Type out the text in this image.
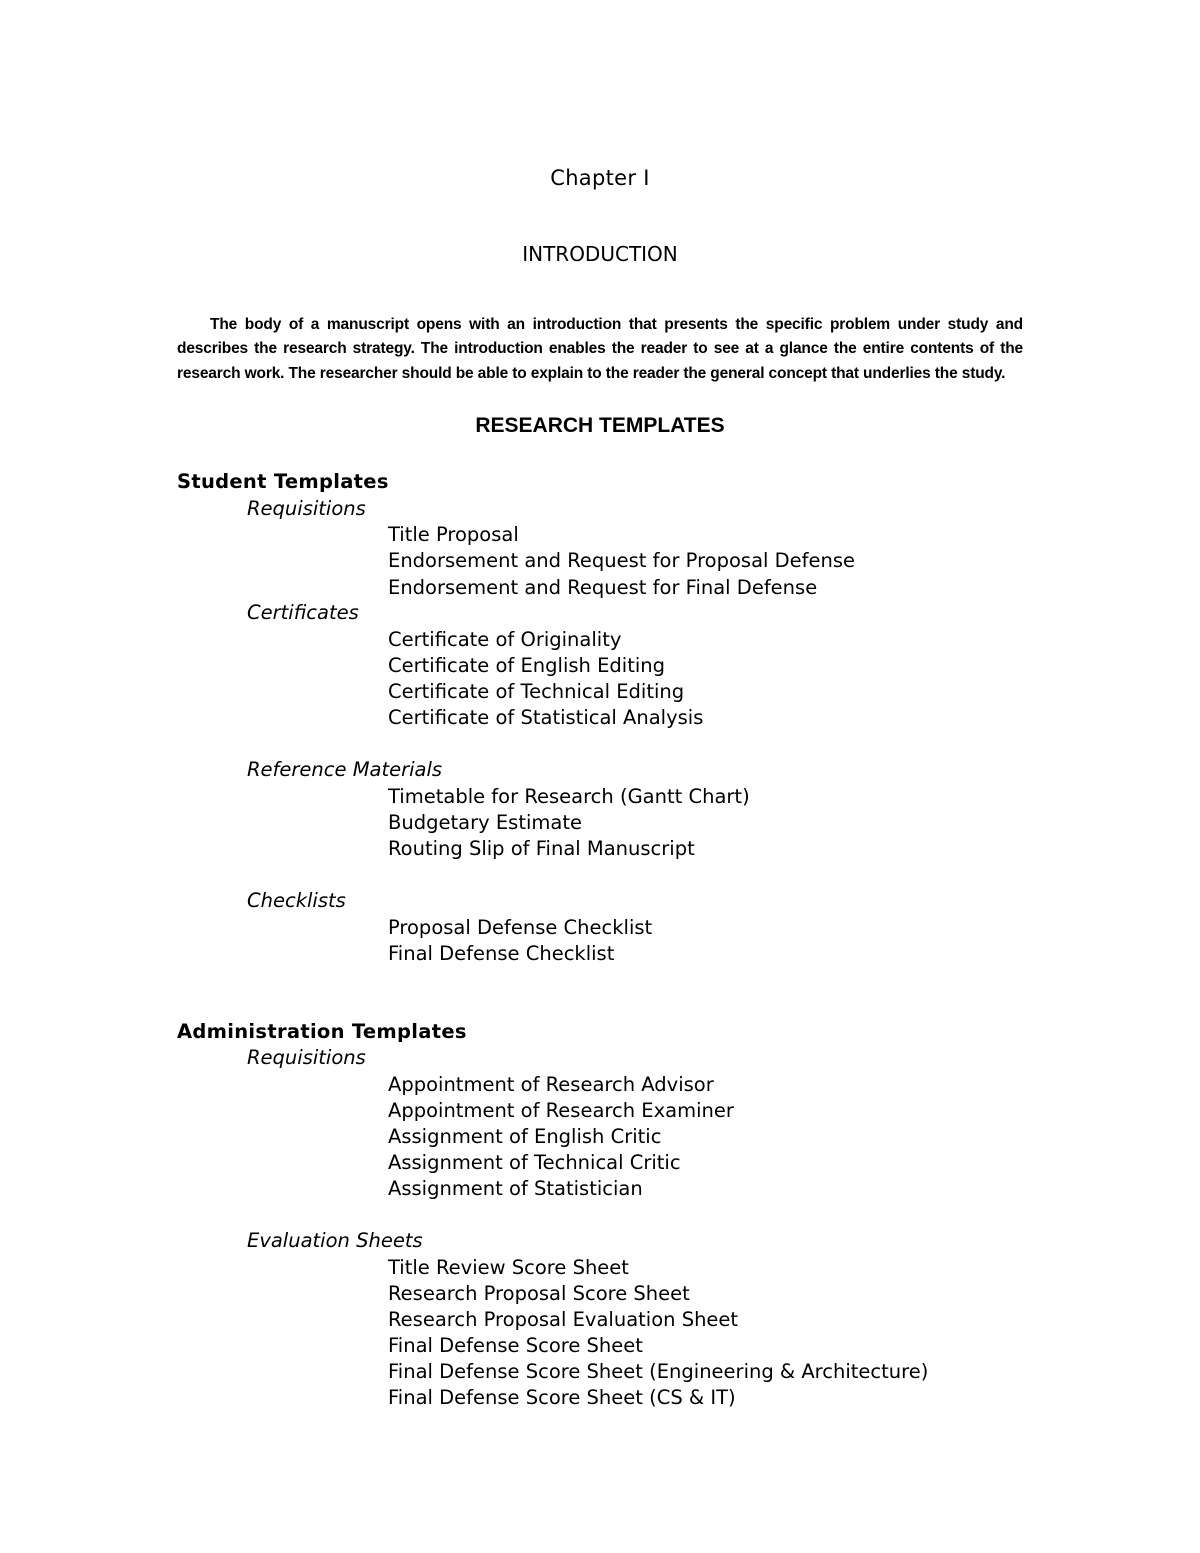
Chapter I
INTRODUCTION

The body of a manuscript opens with an introduction that presents the specific problem under study and describes the research strategy. The introduction enables the reader to see at a glance the entire contents of the research work. The researcher should be able to explain to the reader the general concept that underlies the study.

RESEARCH TEMPLATES
Student Templates
Requisitions
Title Proposal
Endorsement and Request for Proposal Defense
Endorsement and Request for Final Defense
Certificates
Certificate of Originality
Certificate of English Editing
Certificate of Technical Editing
Certificate of Statistical Analysis
Reference Materials
Timetable for Research (Gantt Chart)
Budgetary Estimate
Routing Slip of Final Manuscript
Checklists
Proposal Defense Checklist
Final Defense Checklist
Administration Templates
Requisitions
Appointment of Research Advisor
Appointment of Research Examiner
Assignment of English Critic
Assignment of Technical Critic
Assignment of Statistician
Evaluation Sheets
Title Review Score Sheet
Research Proposal Score Sheet
Research Proposal Evaluation Sheet
Final Defense Score Sheet
Final Defense Score Sheet (Engineering & Architecture)
Final Defense Score Sheet (CS & IT)
